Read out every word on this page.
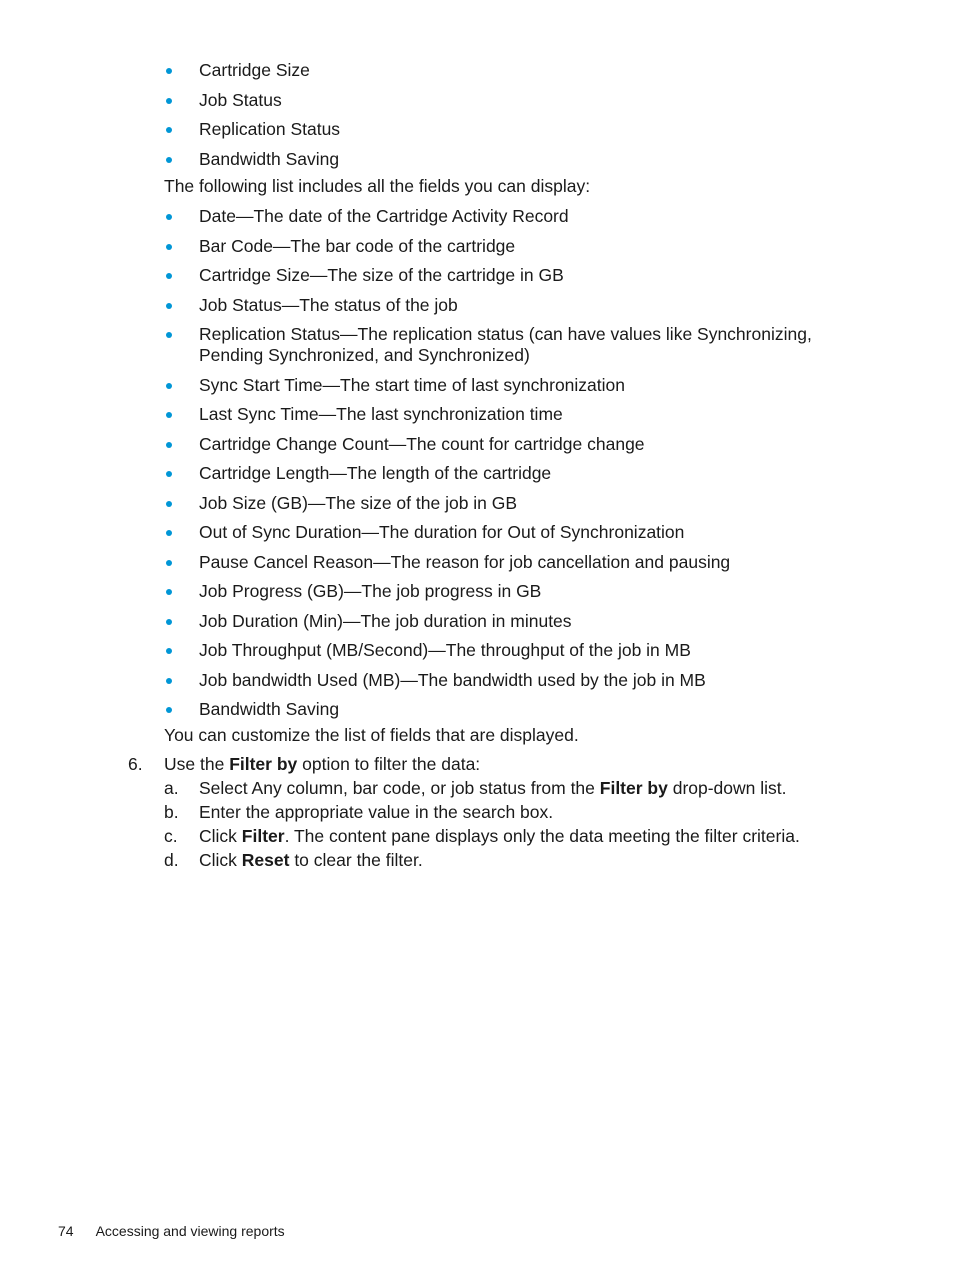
Cartridge Size
Job Status
Replication Status
Bandwidth Saving

The following list includes all the fields you can display:

Date—The date of the Cartridge Activity Record
Bar Code—The bar code of the cartridge
Cartridge Size—The size of the cartridge in GB
Job Status—The status of the job
Replication Status—The replication status (can have values like Synchronizing, Pending Synchronized, and Synchronized)
Sync Start Time—The start time of last synchronization
Last Sync Time—The last synchronization time
Cartridge Change Count—The count for cartridge change
Cartridge Length—The length of the cartridge
Job Size (GB)—The size of the job in GB
Out of Sync Duration—The duration for Out of Synchronization
Pause Cancel Reason—The reason for job cancellation and pausing
Job Progress (GB)—The job progress in GB
Job Duration (Min)—The job duration in minutes
Job Throughput (MB/Second)—The throughput of the job in MB
Job bandwidth Used (MB)—The bandwidth used by the job in MB
Bandwidth Saving

You can customize the list of fields that are displayed.

6. Use the Filter by option to filter the data:
a. Select Any column, bar code, or job status from the Filter by drop-down list.
b. Enter the appropriate value in the search box.
c. Click Filter. The content pane displays only the data meeting the filter criteria.
d. Click Reset to clear the filter.
74 Accessing and viewing reports
